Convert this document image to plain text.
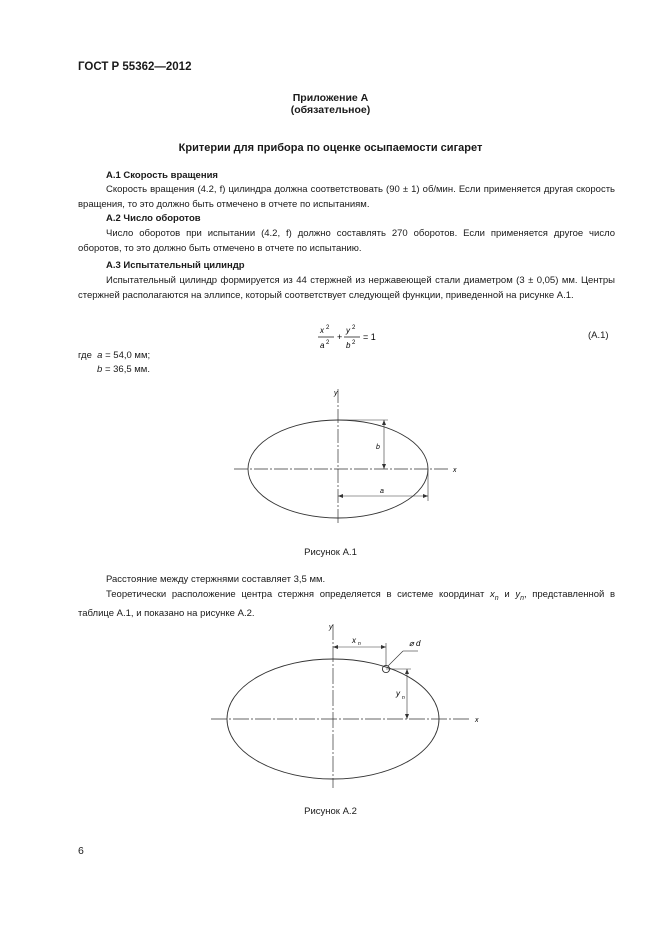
ГОСТ Р 55362—2012
Приложение А
(обязательное)
Критерии для прибора по оценке осыпаемости сигарет
А.1 Скорость вращения
Скорость вращения (4.2, f) цилиндра должна соответствовать (90 ± 1) об/мин. Если применяется другая скорость вращения, то это должно быть отмечено в отчете по испытаниям.
А.2 Число оборотов
Число оборотов при испытании (4.2, f) должно составлять 270 оборотов. Если применяется другое число оборотов, то это должно быть отмечено в отчете по испытанию.
А.3 Испытательный цилиндр
Испытательный цилиндр формируется из 44 стержней из нержавеющей стали диаметром (3 ± 0,05) мм. Центры стержней располагаются на эллипсе, который соответствует следующей функции, приведенной на рисунке А.1.
x 2
a 2
+
y 2
b 2
= 1	(А.1)
где a = 54,0 мм;
b = 36,5 мм.
y
x
b
a
Рисунок А.1
Расстояние между стержнями составляет 3,5 мм.
Теоретически расположение центра стержня определяется в системе координат $x_n$ и $y_n$, представленной в таблице А.1, и показано на рисунке А.2.
y
x
x n	⌀ d
y n
Рисунок А.2
6
